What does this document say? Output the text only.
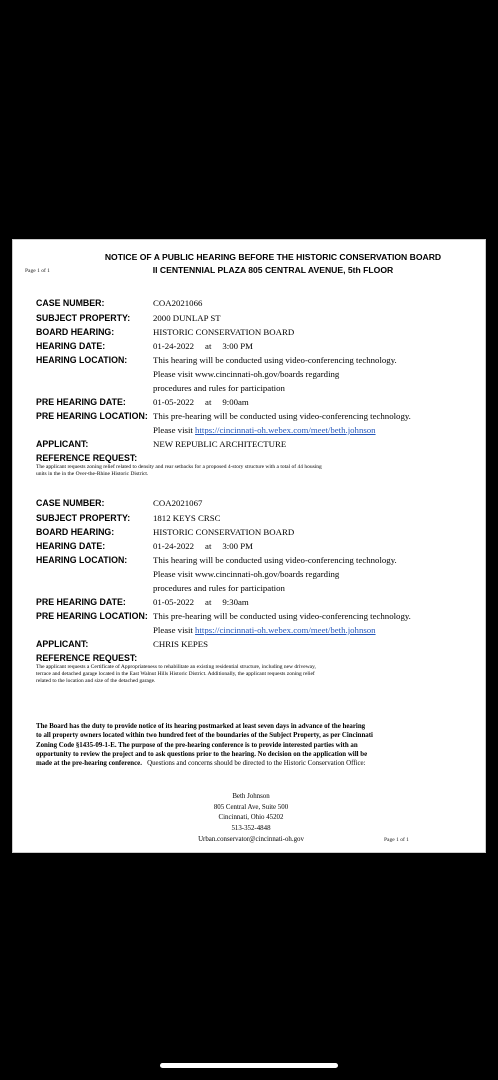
Page 1 of 1
NOTICE OF A PUBLIC HEARING BEFORE THE HISTORIC CONSERVATION BOARD
II CENTENNIAL PLAZA 805 CENTRAL AVENUE, 5th FLOOR
CASE NUMBER:	COA2021066
SUBJECT PROPERTY:	2000 DUNLAP ST
BOARD HEARING:	HISTORIC CONSERVATION BOARD
HEARING DATE:	01-24-2022     at     3:00 PM
HEARING LOCATION:	This hearing will be conducted using video-conferencing technology.
Please visit www.cincinnati-oh.gov/boards regarding
procedures and rules for participation
PRE HEARING DATE:	01-05-2022     at     9:00am
PRE HEARING LOCATION: This pre-hearing will be conducted using video-conferencing technology.
Please visit https://cincinnati-oh.webex.com/meet/beth.johnson
APPLICANT:	NEW REPUBLIC ARCHITECTURE
REFERENCE REQUEST:
The applicant requests zoning relief related to density and rear setbacks for a proposed 4-story structure with a total of 44 housing
units in the in the Over-the-Rhine Historic District.
CASE NUMBER:	COA2021067
SUBJECT PROPERTY:	1812 KEYS CRSC
BOARD HEARING:	HISTORIC CONSERVATION BOARD
HEARING DATE:	01-24-2022     at     3:00 PM
HEARING LOCATION:	This hearing will be conducted using video-conferencing technology.
Please visit www.cincinnati-oh.gov/boards regarding
procedures and rules for participation
PRE HEARING DATE:	01-05-2022     at     9:30am
PRE HEARING LOCATION: This pre-hearing will be conducted using video-conferencing technology.
Please visit https://cincinnati-oh.webex.com/meet/beth.johnson
APPLICANT:	CHRIS KEPES
REFERENCE REQUEST:
The applicant requests a Certificate of Appropriateness to rehabilitate an existing residential structure, including new driveway,
terrace and detached garage located in the East Walnut Hills Historic District. Additionally, the applicant requests zoning relief
related to the location and size of the detached garage.
The Board has the duty to provide notice of its hearing postmarked at least seven days in advance of the hearing
to all property owners located within two hundred feet of the boundaries of the Subject Property, as per Cincinnati
Zoning Code §1435-09-1-E. The purpose of the pre-hearing conference is to provide interested parties with an
opportunity to review the project and to ask questions prior to the hearing. No decision on the application will be
made at the pre-hearing conference.   Questions and concerns should be directed to the Historic Conservation Office:
Beth Johnson
805 Central Ave, Suite 500
Cincinnati, Ohio 45202
513-352-4848
Urban.conservator@cincinnati-oh.gov	Page 1 of 1
